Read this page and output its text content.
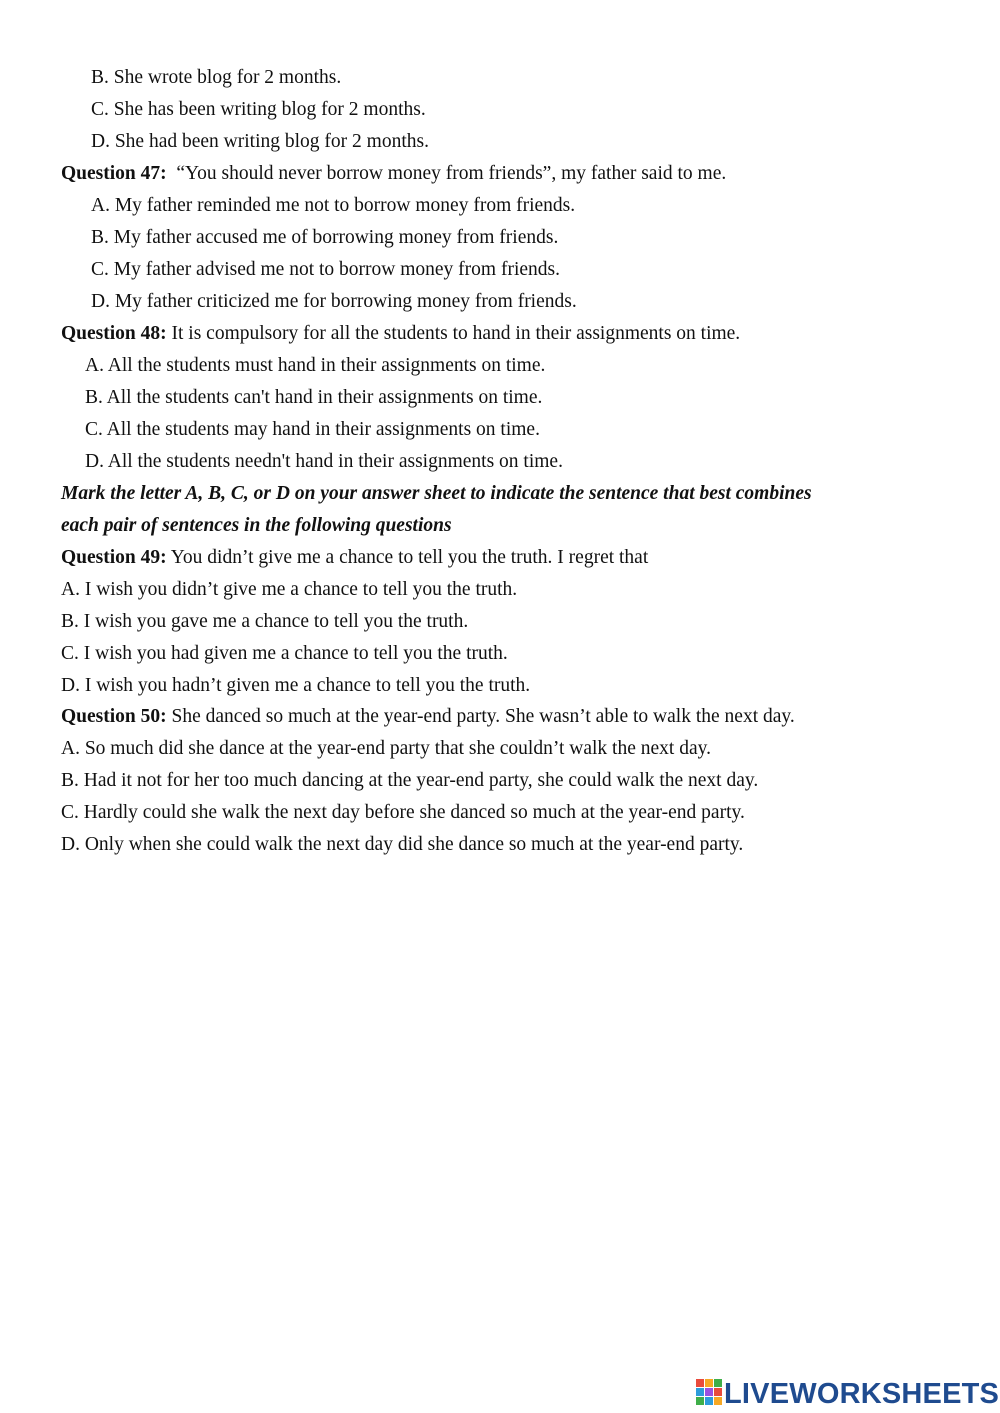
B. She wrote blog for 2 months.
C. She has been writing blog for 2 months.
D. She had been writing blog for 2 months.
Question 47: “You should never borrow money from friends”, my father said to me.
A. My father reminded me not to borrow money from friends.
B. My father accused me of borrowing money from friends.
C. My father advised me not to borrow money from friends.
D. My father criticized me for borrowing money from friends.
Question 48: It is compulsory for all the students to hand in their assignments on time.
A. All the students must hand in their assignments on time.
B. All the students can't hand in their assignments on time.
C. All the students may hand in their assignments on time.
D. All the students needn't hand in their assignments on time.
Mark the letter A, B, C, or D on your answer sheet to indicate the sentence that best combines
each pair of sentences in the following questions
Question 49: You didn’t give me a chance to tell you the truth. I regret that
A. I wish you didn’t give me a chance to tell you the truth.
B. I wish you gave me a chance to tell you the truth.
C. I wish you had given me a chance to tell you the truth.
D. I wish you hadn’t given me a chance to tell you the truth.
Question 50: She danced so much at the year-end party. She wasn’t able to walk the next day.
A. So much did she dance at the year-end party that she couldn’t walk the next day.
B. Had it not for her too much dancing at the year-end party, she could walk the next day.
C. Hardly could she walk the next day before she danced so much at the year-end party.
D. Only when she could walk the next day did she dance so much at the year-end party.
LIVEWORKSHEETS
